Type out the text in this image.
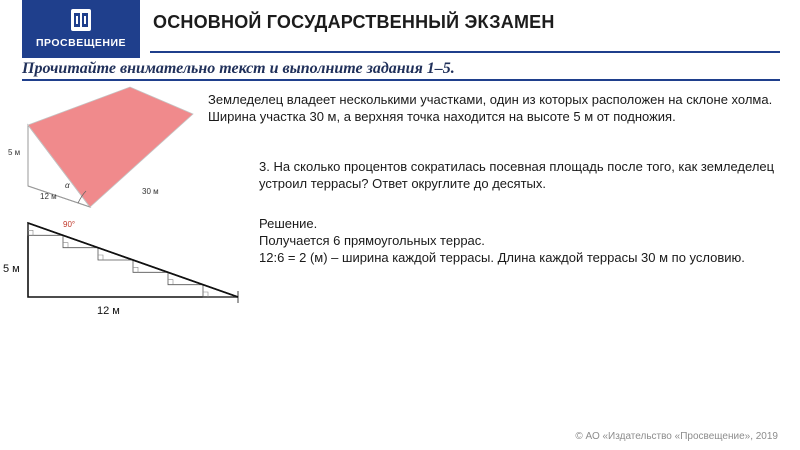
ПРОСВЕЩЕНИЕ
ОСНОВНОЙ ГОСУДАРСТВЕННЫЙ ЭКЗАМЕН
Прочитайте внимательно текст и выполните задания 1–5.
5 м
12 м
α
30 м
90°
5 м
12 м
Земледелец владеет несколькими участками, один из которых расположен на склоне холма. Ширина участка 30 м, а верхняя точка находится на высоте 5 м от подножия.
3. На сколько процентов сократилась посевная площадь после того, как земледелец устроил террасы? Ответ округлите до десятых.
Решение.
Получается 6 прямоугольных террас.
12:6 = 2 (м) – ширина каждой террасы. Длина каждой террасы 30 м по условию.
© АО «Издательство «Просвещение», 2019
